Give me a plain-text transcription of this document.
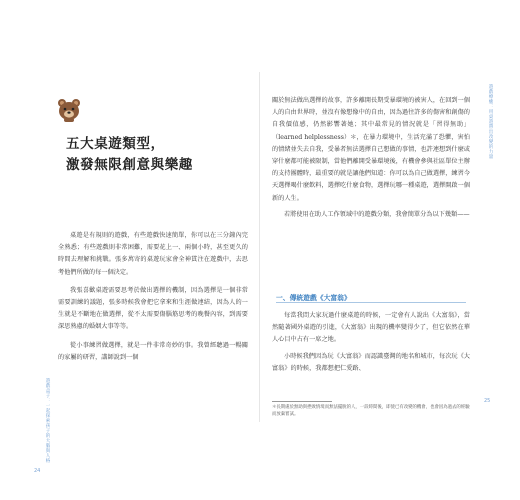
五大桌遊類型，
激發無限創意與樂趣

桌遊是有規則的遊戲，有些遊戲快速簡單，你可以在三分鐘內完全熟悉；有些遊戲則非常困難，需要花上一、兩個小時，甚至更久的時間去理解和挑戰。張多萬寄的桌遊玩家會全神貫注在遊戲中，去思考他們所做的每一個決定。

我張喜歡桌遊需要思考於做出選擇的機制，因為選擇是一個非常需要訓練的議題，張多時候我會把它拿來和生涯做連結，因為人的一生就是不斷地在做選擇，從不太需要傷腦筋思考的晚餐內容，到需要深思熟慮的婚姻大事等等。

從小事練習做選擇，就是一件非常奇妙的事。我曾經聽過一暢關的家屬的研習，講師說到一個

遊戲盒子：一起探索孩子的大腦與人格
24

關於無法做出選擇的故事，許多離開長期受暴環境的被害人，在回到一個人的自由世界時，並沒有像想像中的自由，因為過往許多的傷害和創傷的自我價值感，仍然影響著她；其中最常見的情況就是「習得無助」（learned helplessness）＊，在暴力環境中，生活充滿了恐懼，害怕的情緒並失去自我，受暴者無法選擇自己想做的事情，也許連想到什麼或穿什麼都可能被限制，當他們離開受暴環境後，有機會參與社區單位主辦的支持團體時，最重要的就是讓他們知道：你可以為自己做選擇，練習今天選擇喝什麼飲料，選擇吃什麼食物，選擇玩哪一種桌遊，選擇開啟一個新的人生。

若將使用在助人工作領域中的遊戲分類，我會簡單分為以下幾類——

一、傳統遊戲《大富翁》

每當我問大家玩過什麼桌遊的時候，一定會有人說出《大富翁》，當然隨著國外桌遊的引進，《大富翁》出現的機率變得少了，但它依然在華人心目中占有一席之地。

小時候我們因為玩《大富翁》而認識臺灣的地名和城市，每次玩《大富翁》的時候，我都想把仁愛路、

＊長期處於無助與挫敗情境而無法擺脫的人，一段時間後，即使已有改變的機會，也會因為過去的經驗而放棄嘗試。
遊戲療癒：用桌遊帶出改變的力量
25
